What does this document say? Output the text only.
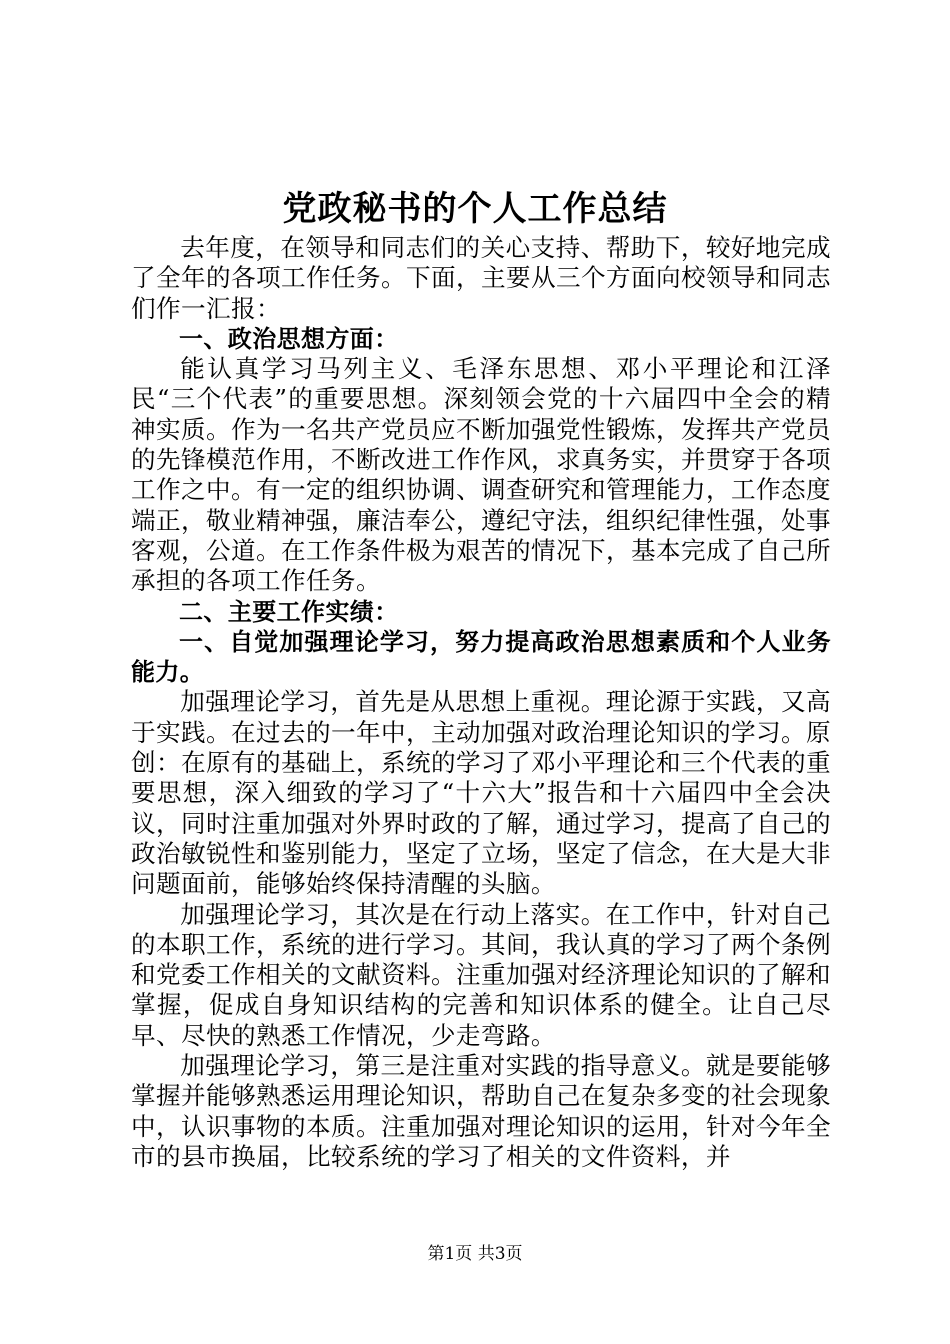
党政秘书的个人工作总结

去年度，在领导和同志们的关心支持、帮助下，较好地完成了全年的各项工作任务。下面，主要从三个方面向校领导和同志们作一汇报：

一、政治思想方面：

能认真学习马列主义、毛泽东思想、邓小平理论和江泽民“三个代表”的重要思想。深刻领会党的十六届四中全会的精神实质。作为一名共产党员应不断加强党性锻炼，发挥共产党员的先锋模范作用，不断改进工作作风，求真务实，并贯穿于各项工作之中。有一定的组织协调、调查研究和管理能力，工作态度端正，敬业精神强，廉洁奉公，遵纪守法，组织纪律性强，处事客观，公道。在工作条件极为艰苦的情况下，基本完成了自己所承担的各项工作任务。

二、主要工作实绩：

一、自觉加强理论学习，努力提高政治思想素质和个人业务能力。

加强理论学习，首先是从思想上重视。理论源于实践，又高于实践。在过去的一年中，主动加强对政治理论知识的学习。原创：在原有的基础上，系统的学习了邓小平理论和三个代表的重要思想，深入细致的学习了“十六大”报告和十六届四中全会决议，同时注重加强对外界时政的了解，通过学习，提高了自己的政治敏锐性和鉴别能力，坚定了立场，坚定了信念，在大是大非问题面前，能够始终保持清醒的头脑。

加强理论学习，其次是在行动上落实。在工作中，针对自己的本职工作，系统的进行学习。其间，我认真的学习了两个条例和党委工作相关的文献资料。注重加强对经济理论知识的了解和掌握，促成自身知识结构的完善和知识体系的健全。让自己尽早、尽快的熟悉工作情况，少走弯路。

加强理论学习，第三是注重对实践的指导意义。就是要能够掌握并能够熟悉运用理论知识，帮助自己在复杂多变的社会现象中，认识事物的本质。注重加强对理论知识的运用，针对今年全市的县市换届，比较系统的学习了相关的文件资料，并

第1页 共3页
